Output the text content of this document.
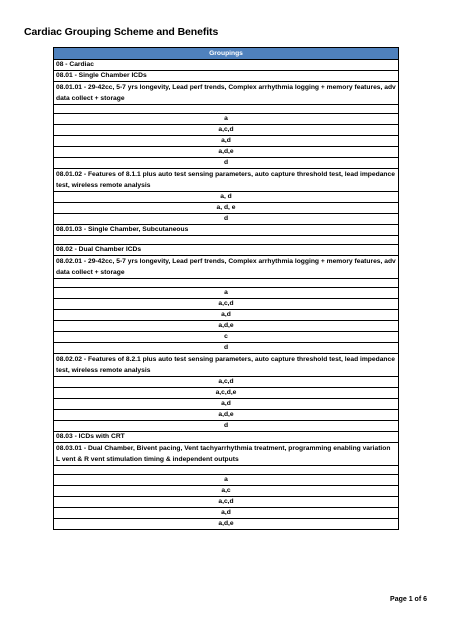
Cardiac Grouping Scheme and Benefits
Groupings
08 - Cardiac
08.01 - Single Chamber ICDs
08.01.01 - 29-42cc, 5-7 yrs longevity, Lead perf trends, Complex arrhythmia logging + memory features, adv data collect + storage

a
a,c,d
a,d
a,d,e
d
08.01.02 - Features of 8.1.1 plus auto test sensing parameters, auto capture threshold test, lead impedance test, wireless remote analysis
a, d
a, d, e
d
08.01.03 - Single Chamber, Subcutaneous

08.02 - Dual Chamber ICDs
08.02.01 - 29-42cc, 5-7 yrs longevity, Lead perf trends, Complex arrhythmia logging + memory features, adv data collect + storage

a
a,c,d
a,d
a,d,e
c
d
08.02.02 - Features of 8.2.1 plus auto test sensing parameters, auto capture threshold test, lead impedance test, wireless remote analysis
a,c,d
a,c,d,e
a,d
a,d,e
d
08.03 - ICDs with CRT
08.03.01 - Dual Chamber, Bivent pacing, Vent tachyarrhythmia treatment, programming enabling variation L vent & R vent stimulation timing & independent outputs

a
a,c
a,c,d
a,d
a,d,e
Page 1 of 6
